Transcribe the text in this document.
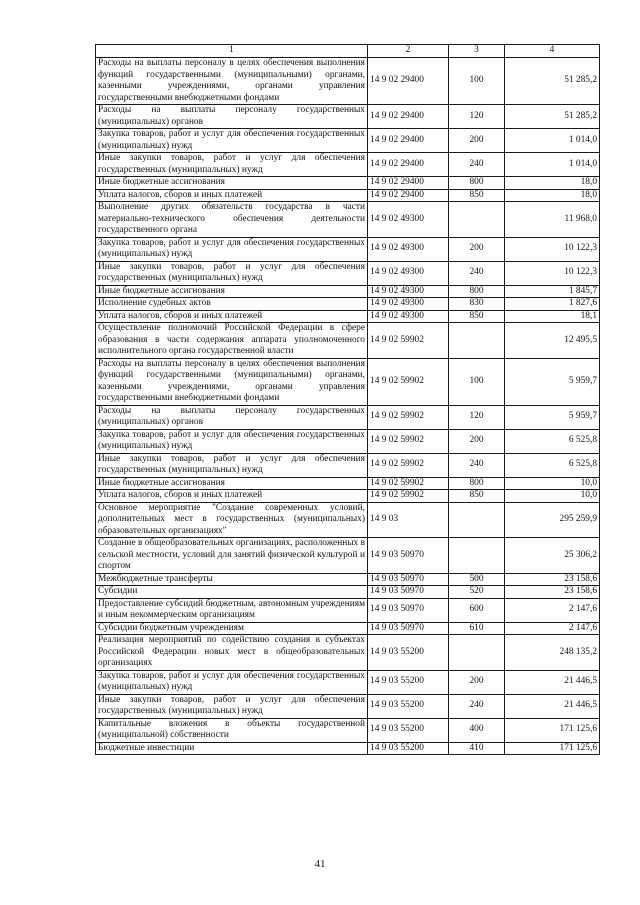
1	2	3	4
Расходы на выплаты персоналу в целях обеспечения выполнения функций государственными (муниципальными) органами, казенными учреждениями, органами управления государственными внебюджетными фондами	14 9 02 29400	100	51 285,2
Расходы на выплаты персоналу государственных (муниципальных) органов	14 9 02 29400	120	51 285,2
Закупка товаров, работ и услуг для обеспечения государственных (муниципальных) нужд	14 9 02 29400	200	1 014,0
Иные закупки товаров, работ и услуг для обеспечения государственных (муниципальных) нужд	14 9 02 29400	240	1 014,0
Иные бюджетные ассигнования	14 9 02 29400	800	18,0
Уплата налогов, сборов и иных платежей	14 9 02 29400	850	18,0
Выполнение других обязательств государства в части материально-технического обеспечения деятельности государственного органа	14 9 02 49300		11 968,0
Закупка товаров, работ и услуг для обеспечения государственных (муниципальных) нужд	14 9 02 49300	200	10 122,3
Иные закупки товаров, работ и услуг для обеспечения государственных (муниципальных) нужд	14 9 02 49300	240	10 122,3
Иные бюджетные ассигнования	14 9 02 49300	800	1 845,7
Исполнение судебных актов	14 9 02 49300	830	1 827,6
Уплата налогов, сборов и иных платежей	14 9 02 49300	850	18,1
Осуществление полномочий Российской Федерации в сфере образования в части содержания аппарата уполномоченного исполнительного органа государственной власти	14 9 02 59902		12 495,5
Расходы на выплаты персоналу в целях обеспечения выполнения функций государственными (муниципальными) органами, казенными учреждениями, органами управления государственными внебюджетными фондами	14 9 02 59902	100	5 959,7
Расходы на выплаты персоналу государственных (муниципальных) органов	14 9 02 59902	120	5 959,7
Закупка товаров, работ и услуг для обеспечения государственных (муниципальных) нужд	14 9 02 59902	200	6 525,8
Иные закупки товаров, работ и услуг для обеспечения государственных (муниципальных) нужд	14 9 02 59902	240	6 525,8
Иные бюджетные ассигнования	14 9 02 59902	800	10,0
Уплата налогов, сборов и иных платежей	14 9 02 59902	850	10,0
Основное мероприятие "Создание современных условий, дополнительных мест в государственных (муниципальных) образовательных организациях"	14 9 03		295 259,9
Создание в общеобразовательных организациях, расположенных в сельской местности, условий для занятий физической культурой и спортом	14 9 03 50970		25 306,2
Межбюджетные трансферты	14 9 03 50970	500	23 158,6
Субсидии	14 9 03 50970	520	23 158,6
Предоставление субсидий бюджетным, автономным учреждениям и иным некоммерческим организациям	14 9 03 50970	600	2 147,6
Субсидии бюджетным учреждениям	14 9 03 50970	610	2 147,6
Реализация мероприятий по содействию создания в субъектах Российской Федерации новых мест в общеобразовательных организациях	14 9 03 55200		248 135,2
Закупка товаров, работ и услуг для обеспечения государственных (муниципальных) нужд	14 9 03 55200	200	21 446,5
Иные закупки товаров, работ и услуг для обеспечения государственных (муниципальных) нужд	14 9 03 55200	240	21 446,5
Капитальные вложения в объекты государственной (муниципальной) собственности	14 9 03 55200	400	171 125,6
Бюджетные инвестиции	14 9 03 55200	410	171 125,6
41
